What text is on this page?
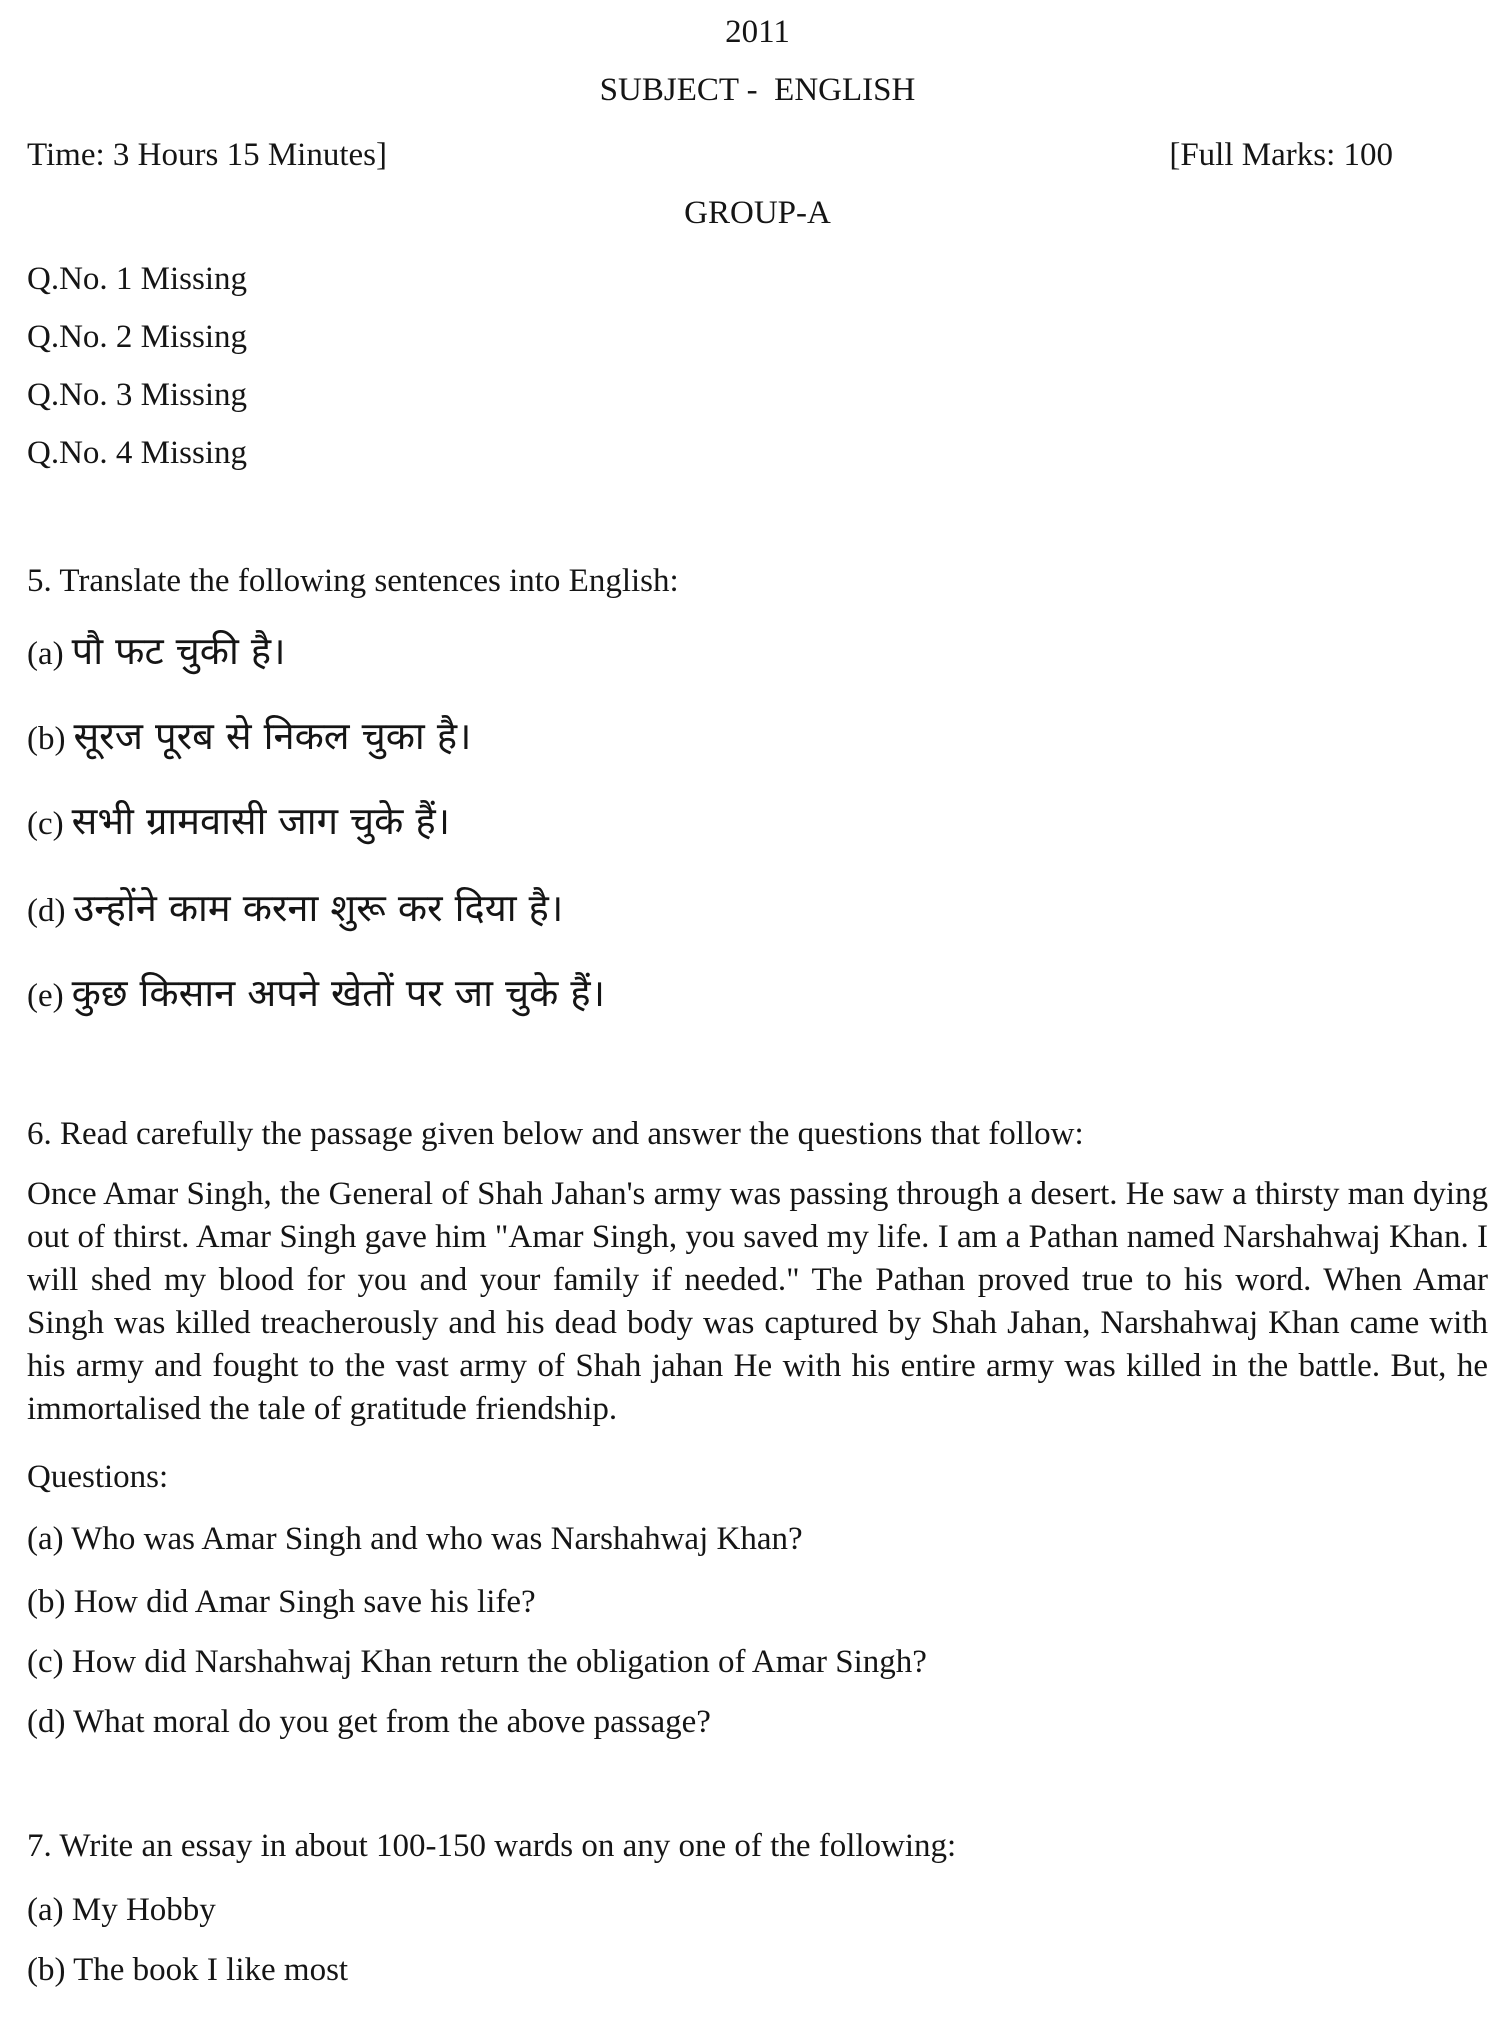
2011
SUBJECT -  ENGLISH
Time: 3 Hours 15 Minutes]	[Full Marks: 100
GROUP-A
Q.No. 1 Missing
Q.No. 2 Missing
Q.No. 3 Missing
Q.No. 4 Missing
5. Translate the following sentences into English:
(a) पौ फट चुकी है।
(b) सूरज पूरब से निकल चुका है।
(c) सभी ग्रामवासी जाग चुके हैं।
(d) उन्होंने काम करना शुरू कर दिया है।
(e) कुछ किसान अपने खेतों पर जा चुके हैं।
6. Read carefully the passage given below and answer the questions that follow:
Once Amar Singh, the General of Shah Jahan's army was passing through a desert. He saw a thirsty man dying out of thirst. Amar Singh gave him "Amar Singh, you saved my life. I am a Pathan named Narshahwaj Khan. I will shed my blood for you and your family if needed." The Pathan proved true to his word. When Amar Singh was killed treacherously and his dead body was captured by Shah Jahan, Narshahwaj Khan came with his army and fought to the vast army of Shah jahan He with his entire army was killed in the battle. But, he immortalised the tale of gratitude friendship.
Questions:
(a) Who was Amar Singh and who was Narshahwaj Khan?
(b) How did Amar Singh save his life?
(c) How did Narshahwaj Khan return the obligation of Amar Singh?
(d) What moral do you get from the above passage?
7. Write an essay in about 100-150 wards on any one of the following:
(a) My Hobby
(b) The book I like most
